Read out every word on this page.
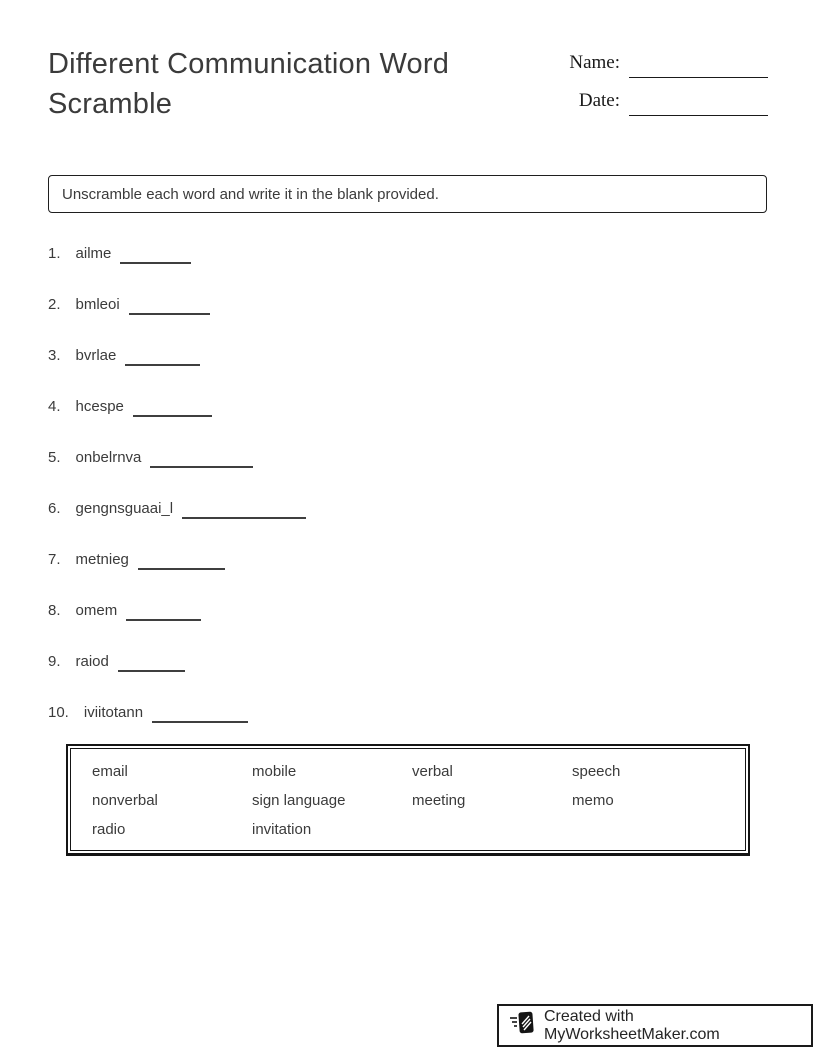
Different Communication Word Scramble
Name:
Date:
Unscramble each word and write it in the blank provided.
1. ailme
2. bmleoi
3. bvrlae
4. hcespe
5. onbelrnva
6. gengnsguaai_l
7. metnieg
8. omem
9. raiod
10. iviitotann
email	mobile	verbal	speech
nonverbal	sign language	meeting	memo
radio	invitation
Created with MyWorksheetMaker.com
